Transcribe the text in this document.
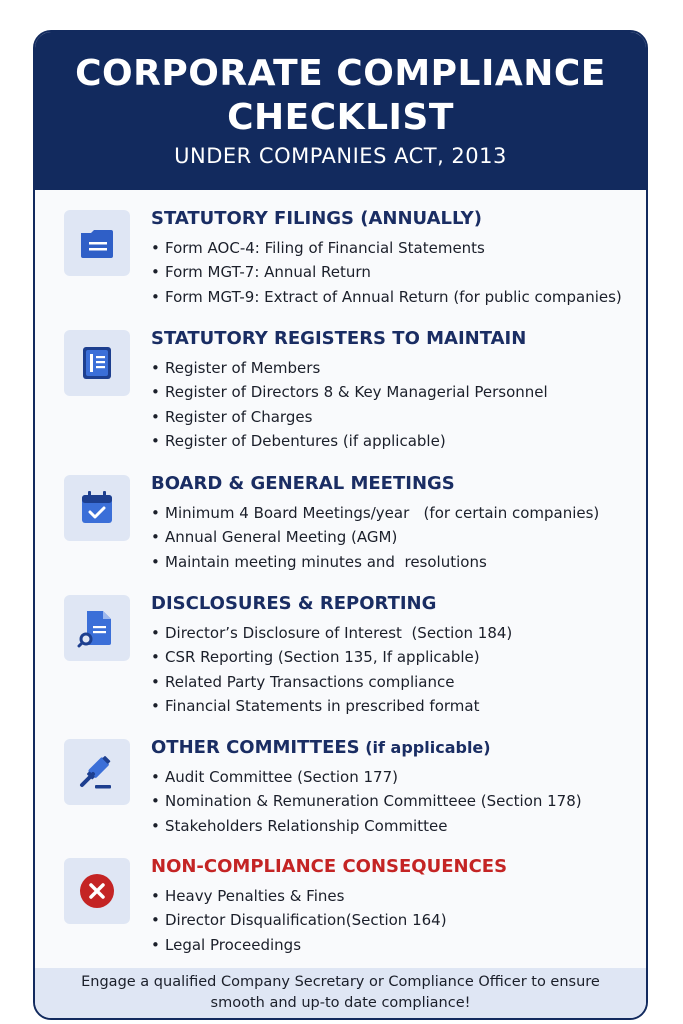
CORPORATE COMPLIANCE
CHECKLIST
UNDER COMPANIES ACT, 2013
STATUTORY FILINGS (ANNUALLY)
• Form AOC-4: Filing of Financial Statements
• Form MGT-7: Annual Return
• Form MGT-9: Extract of Annual Return (for public companies)
STATUTORY REGISTERS TO MAINTAIN
• Register of Members
• Register of Directors 8 & Key Managerial Personnel
• Register of Charges
• Register of Debentures (if applicable)
BOARD & GENERAL MEETINGS
• Minimum 4 Board Meetings/year   (for certain companies)
• Annual General Meeting (AGM)
• Maintain meeting minutes and  resolutions
DISCLOSURES & REPORTING
• Director’s Disclosure of Interest  (Section 184)
• CSR Reporting (Section 135, If applicable)
• Related Party Transactions compliance
• Financial Statements in prescribed format
OTHER COMMITTEES (if applicable)
• Audit Committee (Section 177)
• Nomination & Remuneration Committeee (Section 178)
• Stakeholders Relationship Committee
NON-COMPLIANCE CONSEQUENCES
• Heavy Penalties & Fines
• Director Disqualification(Section 164)
• Legal Proceedings
Engage a qualified Company Secretary or Compliance Officer to ensure
smooth and up-to date compliance!
